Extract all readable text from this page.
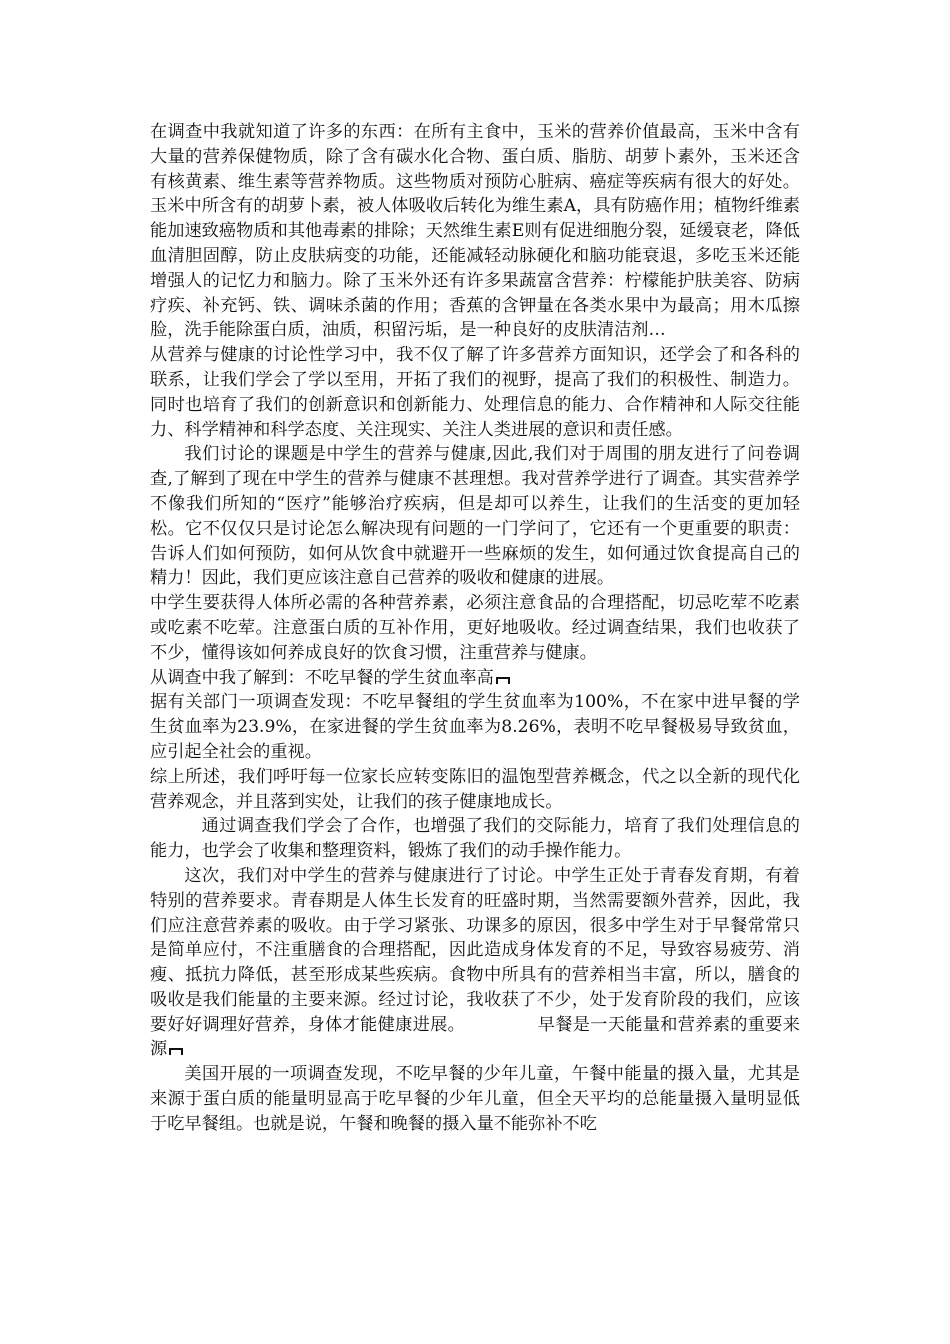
在调查中我就知道了许多的东西：在所有主食中，玉米的营养价值最高，玉米中含有大量的营养保健物质，除了含有碳水化合物、蛋白质、脂肪、胡萝卜素外，玉米还含有核黄素、维生素等营养物质。这些物质对预防心脏病、癌症等疾病有很大的好处。玉米中所含有的胡萝卜素，被人体吸收后转化为维生素A，具有防癌作用；植物纤维素能加速致癌物质和其他毒素的排除；天然维生素E则有促进细胞分裂，延缓衰老，降低血清胆固醇，防止皮肤病变的功能，还能减轻动脉硬化和脑功能衰退，多吃玉米还能增强人的记忆力和脑力。除了玉米外还有许多果蔬富含营养：柠檬能护肤美容、防病疗疾、补充钙、铁、调味杀菌的作用；香蕉的含钾量在各类水果中为最高；用木瓜擦脸，洗手能除蛋白质，油质，积留污垢，是一种良好的皮肤清洁剂…

从营养与健康的讨论性学习中，我不仅了解了许多营养方面知识，还学会了和各科的联系，让我们学会了学以至用，开拓了我们的视野，提高了我们的积极性、制造力。同时也培育了我们的创新意识和创新能力、处理信息的能力、合作精神和人际交往能力、科学精神和科学态度、关注现实、关注人类进展的意识和责任感。

我们讨论的课题是中学生的营养与健康,因此,我们对于周围的朋友进行了问卷调查,了解到了现在中学生的营养与健康不甚理想。我对营养学进行了调查。其实营养学不像我们所知的“医疗”能够治疗疾病，但是却可以养生，让我们的生活变的更加轻松。它不仅仅只是讨论怎么解决现有问题的一门学问了，它还有一个更重要的职责：告诉人们如何预防，如何从饮食中就避开一些麻烦的发生，如何通过饮食提高自己的精力！因此，我们更应该注意自己营养的吸收和健康的进展。

中学生要获得人体所必需的各种营养素，必须注意食品的合理搭配，切忌吃荤不吃素或吃素不吃荤。注意蛋白质的互补作用，更好地吸收。经过调查结果，我们也收获了不少，懂得该如何养成良好的饮食习惯，注重营养与健康。

从调查中我了解到：不吃早餐的学生贫血率高

据有关部门一项调查发现：不吃早餐组的学生贫血率为100%，不在家中进早餐的学生贫血率为23.9%，在家进餐的学生贫血率为8.26%，表明不吃早餐极易导致贫血，应引起全社会的重视。

综上所述，我们呼吁每一位家长应转变陈旧的温饱型营养概念，代之以全新的现代化营养观念，并且落到实处，让我们的孩子健康地成长。

通过调查我们学会了合作，也增强了我们的交际能力，培育了我们处理信息的能力，也学会了收集和整理资料，锻炼了我们的动手操作能力。

这次，我们对中学生的营养与健康进行了讨论。中学生正处于青春发育期，有着特别的营养要求。青春期是人体生长发育的旺盛时期，当然需要额外营养，因此，我们应注意营养素的吸收。由于学习紧张、功课多的原因，很多中学生对于早餐常常只是简单应付，不注重膳食的合理搭配，因此造成身体发育的不足，导致容易疲劳、消瘦、抵抗力降低，甚至形成某些疾病。食物中所具有的营养相当丰富，所以，膳食的吸收是我们能量的主要来源。经过讨论，我收获了不少，处于发育阶段的我们，应该要好好调理好营养，身体才能健康进展。	早餐是一天能量和营养素的重要来源

美国开展的一项调查发现，不吃早餐的少年儿童，午餐中能量的摄入量，尤其是来源于蛋白质的能量明显高于吃早餐的少年儿童，但全天平均的总能量摄入量明显低于吃早餐组。也就是说，午餐和晚餐的摄入量不能弥补不吃
